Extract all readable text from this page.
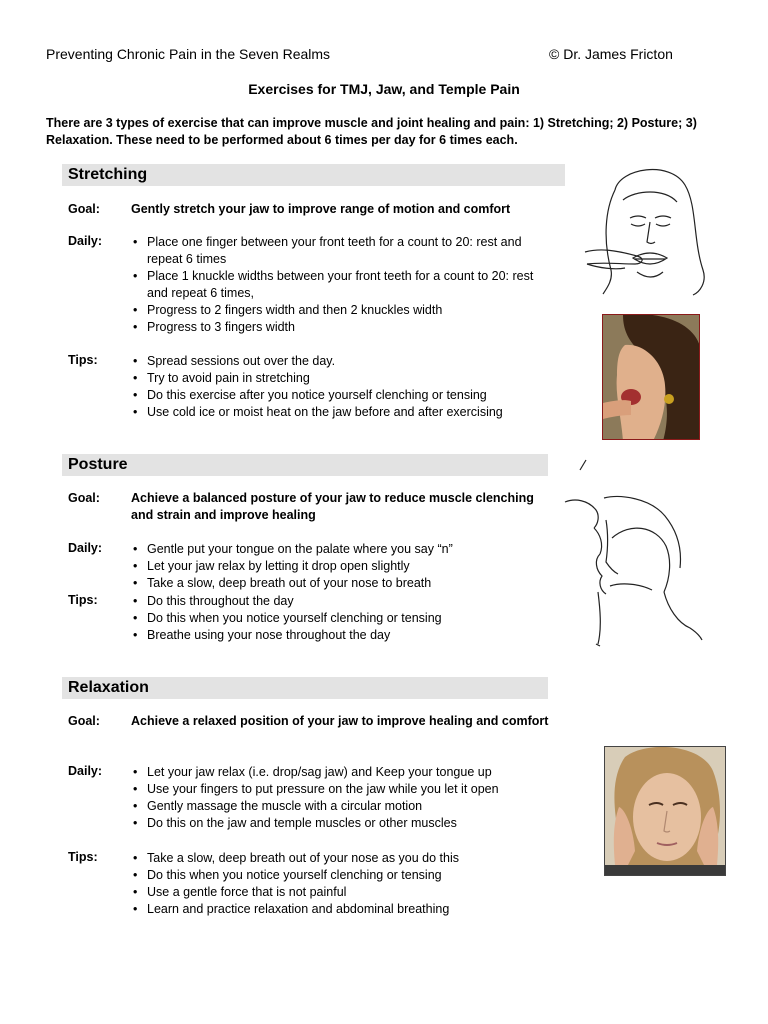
Preventing Chronic Pain in the Seven Realms	© Dr. James Fricton
Exercises for TMJ, Jaw, and Temple Pain
There are 3 types of exercise that can improve muscle and joint healing and pain: 1) Stretching; 2) Posture; 3) Relaxation. These need to be performed about 6 times per day for 6 times each.
Stretching
Goal: Gently stretch your jaw to improve range of motion and comfort
Daily:	• Place one finger between your front teeth for a count to 20: rest and repeat 6 times
• Place 1 knuckle widths between your front teeth for a count to 20: rest and repeat 6 times,
• Progress to 2 fingers width and then 2 knuckles width
• Progress to 3 fingers width
Tips:	• Spread sessions out over the day.
• Try to avoid pain in stretching
• Do this exercise after you notice yourself clenching or tensing
• Use cold ice or moist heat on the jaw before and after exercising
Posture
Goal: Achieve a balanced posture of your jaw to reduce muscle clenching and strain and improve healing
Daily:	• Gentle put your tongue on the palate where you say “n”
• Let your jaw relax by letting it drop open slightly
• Take a slow, deep breath out of your nose to breath
Tips:	• Do this throughout the day
• Do this when you notice yourself clenching or tensing
• Breathe using your nose throughout the day
Relaxation
Goal: Achieve a relaxed position of your jaw to improve healing and comfort
Daily:	• Let your jaw relax (i.e. drop/sag jaw) and Keep your tongue up
• Use your fingers to put pressure on the jaw while you let it open
• Gently massage the muscle with a circular motion
• Do this on the jaw and temple muscles or other muscles
Tips:	• Take a slow, deep breath out of your nose as you do this
• Do this when you notice yourself clenching or tensing
• Use a gentle force that is not painful
• Learn and practice relaxation and abdominal breathing
